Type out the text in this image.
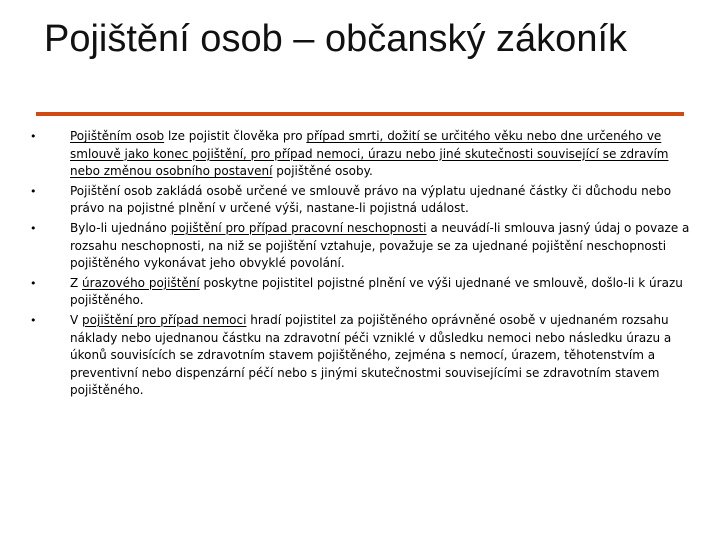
Pojištění osob – občanský zákoník
•	Pojištěním osob lze pojistit člověka pro případ smrti, dožití se určitého věku nebo dne určeného ve smlouvě jako konec pojištění, pro případ nemoci, úrazu nebo jiné skutečnosti související se zdravím nebo změnou osobního postavení pojištěné osoby.
•	Pojištění osob zakládá osobě určené ve smlouvě právo na výplatu ujednané částky či důchodu nebo právo na pojistné plnění v určené výši, nastane-li pojistná událost.
•	Bylo-li ujednáno pojištění pro případ pracovní neschopnosti a neuvádí-li smlouva jasný údaj o povaze a rozsahu neschopnosti, na niž se pojištění vztahuje, považuje se za ujednané pojištění neschopnosti pojištěného vykonávat jeho obvyklé povolání.
•	Z úrazového pojištění poskytne pojistitel pojistné plnění ve výši ujednané ve smlouvě, došlo-li k úrazu pojištěného.
•	V pojištění pro případ nemoci hradí pojistitel za pojištěného oprávněné osobě v ujednaném rozsahu náklady nebo ujednanou částku na zdravotní péči vzniklé v důsledku nemoci nebo následku úrazu a úkonů souvisících se zdravotním stavem pojištěného, zejména s nemocí, úrazem, těhotenstvím a preventivní nebo dispenzární péčí nebo s jinými skutečnostmi souvisejícími se zdravotním stavem pojištěného.
